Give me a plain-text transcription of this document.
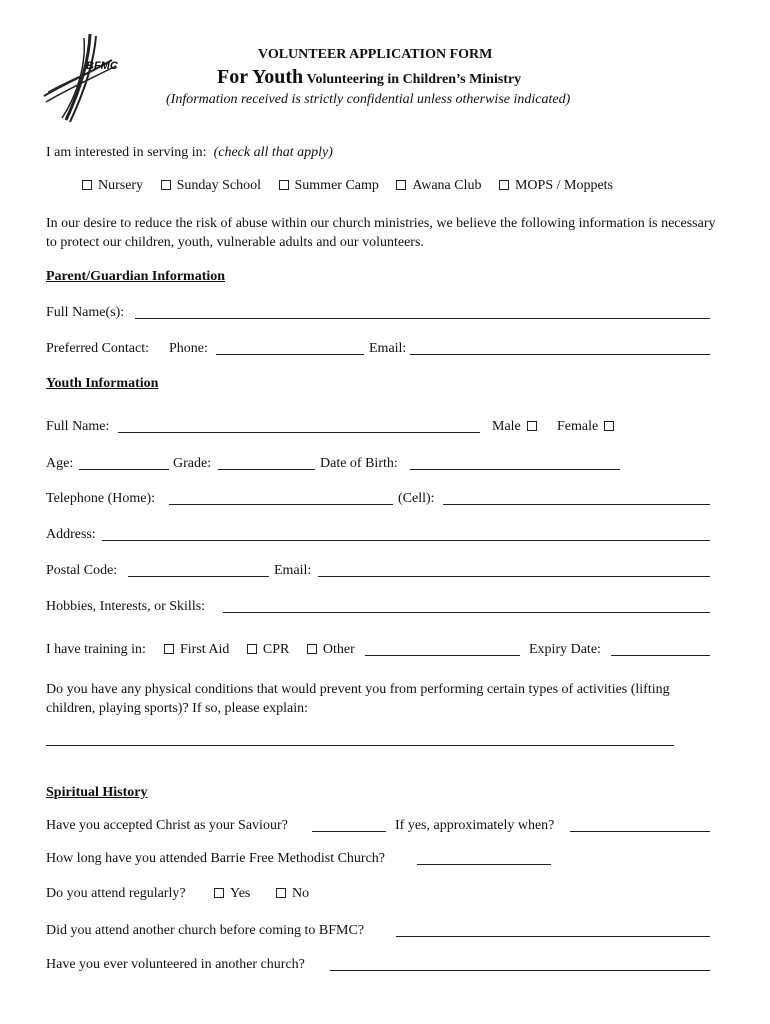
BFMC
VOLUNTEER APPLICATION FORM
For Youth Volunteering in Children’s Ministry
(Information received is strictly confidential unless otherwise indicated)
I am interested in serving in: (check all that apply)
Nursery Sunday School Summer Camp Awana Club MOPS / Moppets
In our desire to reduce the risk of abuse within our church ministries, we believe the following information is necessary to protect our children, youth, vulnerable adults and our volunteers.
Parent/Guardian Information
Full Name(s):
Preferred Contact: Phone:	Email:
Youth Information
Full Name:	Male	Female
Age:	Grade:	Date of Birth:
Telephone (Home):	(Cell):
Address:
Postal Code:	Email:
Hobbies, Interests, or Skills:
I have training in:	First Aid CPR Other	Expiry Date:
Do you have any physical conditions that would prevent you from performing certain types of activities (lifting children, playing sports)? If so, please explain:
Spiritual History
Have you accepted Christ as your Saviour?	If yes, approximately when?
How long have you attended Barrie Free Methodist Church?
Do you attend regularly?	Yes	No
Did you attend another church before coming to BFMC?
Have you ever volunteered in another church?
